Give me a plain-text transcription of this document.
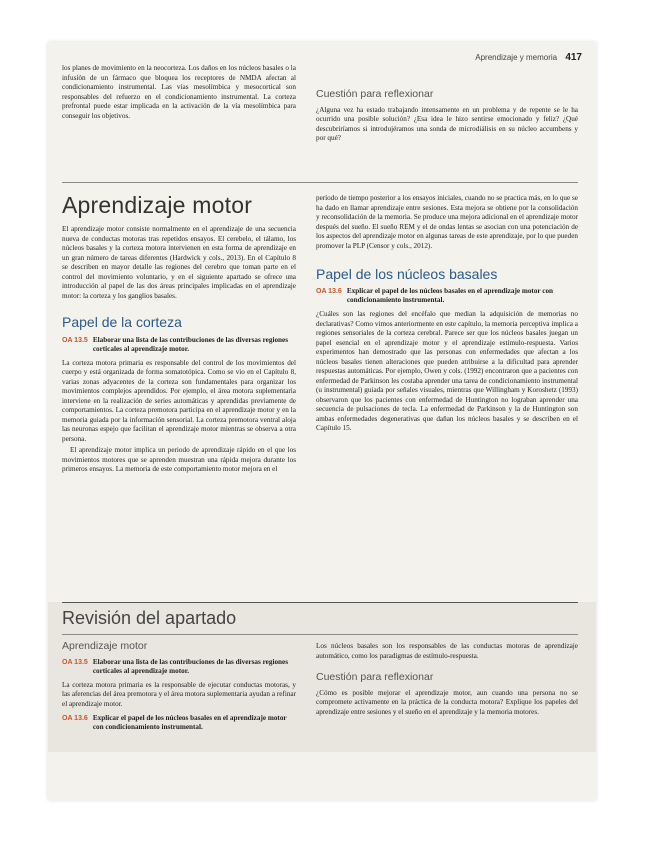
Aprendizaje y memoria 417

los planes de movimiento en la neocorteza. Los daños en los núcleos basales o la infusión de un fármaco que bloquea los receptores de NMDA afectan al condicionamiento instrumental. Las vías mesolímbica y mesocortical son responsables del refuerzo en el condicionamiento instrumental. La corteza prefrontal puede estar implicada en la activación de la vía mesolímbica para conseguir los objetivos.

Cuestión para reflexionar

¿Alguna vez ha estado trabajando intensamente en un problema y de repente se le ha ocurrido una posible solución? ¿Esa idea le hizo sentirse emocionado y feliz? ¿Qué descubriríamos si introdujéramos una sonda de microdiálisis en su núcleo accumbens y por qué?

Aprendizaje motor

El aprendizaje motor consiste normalmente en el aprendizaje de una secuencia nueva de conductas motoras tras repetidos ensayos. El cerebelo, el tálamo, los núcleos basales y la corteza motora intervienen en esta forma de aprendizaje en un gran número de tareas diferentes (Hardwick y cols., 2013). En el Capítulo 8 se describen en mayor detalle las regiones del cerebro que toman parte en el control del movimiento voluntario, y en el siguiente apartado se ofrece una introducción al papel de las dos áreas principales implicadas en el aprendizaje motor: la corteza y los ganglios basales.

Papel de la corteza
OA 13.5 Elaborar una lista de las contribuciones de las diversas regiones corticales al aprendizaje motor.

La corteza motora primaria es responsable del control de los movimientos del cuerpo y está organizada de forma somatotópica. Como se vio en el Capítulo 8, varias zonas adyacentes de la corteza son fundamentales para organizar los movimientos complejos aprendidos. Por ejemplo, el área motora suplementaria interviene en la realización de series automáticas y aprendidas previamente de comportamientos. La corteza premotora participa en el aprendizaje motor y en la memoria guiada por la información sensorial. La corteza premotora ventral aloja las neuronas espejo que facilitan el aprendizaje motor mientras se observa a otra persona.

El aprendizaje motor implica un periodo de aprendizaje rápido en el que los movimientos motores que se aprenden muestran una rápida mejora durante los primeros ensayos. La memoria de este comportamiento motor mejora en el

período de tiempo posterior a los ensayos iniciales, cuando no se practica más, en lo que se ha dado en llamar aprendizaje entre sesiones. Esta mejora se obtiene por la consolidación y reconsolidación de la memoria. Se produce una mejora adicional en el aprendizaje motor después del sueño. El sueño REM y el de ondas lentas se asocian con una potenciación de los aspectos del aprendizaje motor en algunas tareas de este aprendizaje, por lo que pueden promover la PLP (Censor y cols., 2012).

Papel de los núcleos basales
OA 13.6 Explicar el papel de los núcleos basales en el aprendizaje motor con condicionamiento instrumental.

¿Cuáles son las regiones del encéfalo que median la adquisición de memorias no declarativas? Como vimos anteriormente en este capítulo, la memoria perceptiva implica a regiones sensoriales de la corteza cerebral. Parece ser que los núcleos basales juegan un papel esencial en el aprendizaje motor y el aprendizaje estímulo-respuesta. Varios experimentos han demostrado que las personas con enfermedades que afectan a los núcleos basales tienen alteraciones que pueden atribuirse a la dificultad para aprender respuestas automáticas. Por ejemplo, Owen y cols. (1992) encontraron que a pacientes con enfermedad de Parkinson les costaba aprender una tarea de condicionamiento instrumental (u instrumental) guiada por señales visuales, mientras que Willingham y Koroshetz (1993) observaron que los pacientes con enfermedad de Huntington no lograban aprender una secuencia de pulsaciones de tecla. La enfermedad de Parkinson y la de Huntington son ambas enfermedades degenerativas que dañan los núcleos basales y se describen en el Capítulo 15.

Revisión del apartado
Aprendizaje motor
OA 13.5 Elaborar una lista de las contribuciones de las diversas regiones corticales al aprendizaje motor.

La corteza motora primaria es la responsable de ejecutar conductas motoras, y las aferencias del área premotora y el área motora suplementaria ayudan a refinar el aprendizaje motor.

OA 13.6 Explicar el papel de los núcleos basales en el aprendizaje motor con condicionamiento instrumental.

Los núcleos basales son los responsables de las conductas motoras de aprendizaje automático, como los paradigmas de estímulo-respuesta.

Cuestión para reflexionar

¿Cómo es posible mejorar el aprendizaje motor, aun cuando una persona no se compromete activamente en la práctica de la conducta motora? Explique los papeles del aprendizaje entre sesiones y el sueño en el aprendizaje y la memoria motores.
